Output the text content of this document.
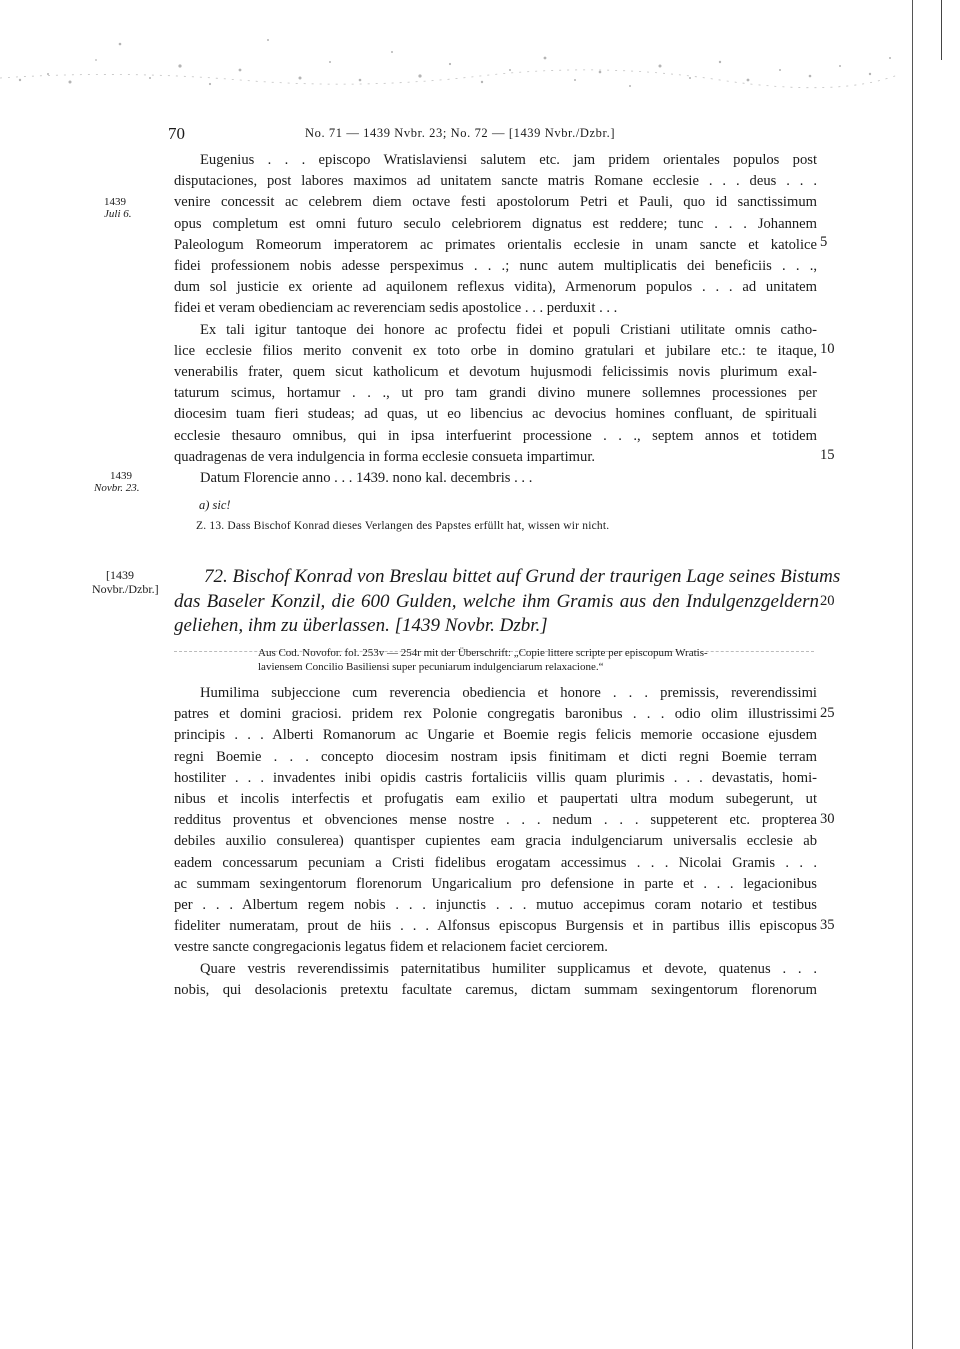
70	No. 71 — 1439 Nvbr. 23; No. 72 — [1439 Nvbr./Dzbr.]
Eugenius . . . episcopo Wratislaviensi salutem etc. jam pridem orientales populos post
disputaciones, post labores maximos ad unitatem sancte matris Romane ecclesie . . . deus . . .
venire concessit ac celebrem diem octave festi apostolorum Petri et Pauli, quo id sanctissimum
opus completum est omni futuro seculo celebriorem dignatus est reddere; tunc . . . Johannem
Paleologum Romeorum imperatorem ac primates orientalis ecclesie in unam sancte et katolice
fidei professionem nobis adesse perspeximus . . .; nunc autem multiplicatis dei beneficiis . . .,
dum sol justicie ex oriente ad aquilonem reflexus vidita), Armenorum populos . . . ad unitatem
fidei et veram obedienciam ac reverenciam sedis apostolice . . . perduxit . . .
Ex tali igitur tantoque dei honore ac profectu fidei et populi Cristiani utilitate omnis catho-
lice ecclesie filios merito convenit ex toto orbe in domino gratulari et jubilare etc.: te itaque,
venerabilis frater, quem sicut katholicum et devotum hujusmodi felicissimis novis plurimum exal-
taturum scimus, hortamur . . ., ut pro tam grandi divino munere sollemnes processiones per
diocesim tuam fieri studeas; ad quas, ut eo libencius ac devocius homines confluant, de spirituali
ecclesie thesauro omnibus, qui in ipsa interfuerint processione . . ., septem annos et totidem
quadragenas de vera indulgencia in forma ecclesie consueta impartimur.
Datum Florencie anno . . . 1439. nono kal. decembris . . .
1439
Juli 6.
1439
Novbr. 23.
5
10
15
a) sic!
Z. 13. Dass Bischof Konrad dieses Verlangen des Papstes erfüllt hat, wissen wir nicht.
[1439
Novbr./Dzbr.]
72. Bischof Konrad von Breslau bittet auf Grund der traurigen Lage seines Bistums
das Baseler Konzil, die 600 Gulden, welche ihm Gramis aus den Indulgenzgeldern
geliehen, ihm zu überlassen. [1439 Novbr. Dzbr.]
20
Aus Cod. Novofor. fol. 253v — 254r mit der Überschrift: „Copie littere scripte per episcopum Wratis-
laviensem Concilio Basiliensi super pecuniarum indulgenciarum relaxacione.“
Humilima subjeccione cum reverencia obediencia et honore . . . premissis, reverendissimi
patres et domini graciosi. pridem rex Polonie congregatis baronibus . . . odio olim illustrissimi
principis . . . Alberti Romanorum ac Ungarie et Boemie regis felicis memorie occasione ejusdem
regni Boemie . . . concepto diocesim nostram ipsis finitimam et dicti regni Boemie terram
hostiliter . . . invadentes inibi opidis castris fortaliciis villis quam plurimis . . . devastatis, homi-
nibus et incolis interfectis et profugatis eam exilio et paupertati ultra modum subegerunt, ut
redditus proventus et obvenciones mense nostre . . . nedum . . . suppeterent etc. propterea
debiles auxilio consulerea) quantisper cupientes eam gracia indulgenciarum universalis ecclesie ab
eadem concessarum pecuniam a Cristi fidelibus erogatam accessimus . . . Nicolai Gramis . . .
ac summam sexingentorum florenorum Ungaricalium pro defensione in parte et . . . legacionibus
per . . . Albertum regem nobis . . . injunctis . . . mutuo accepimus coram notario et testibus
fideliter numeratam, prout de hiis . . . Alfonsus episcopus Burgensis et in partibus illis episcopus
vestre sancte congregacionis legatus fidem et relacionem faciet cerciorem.
Quare vestris reverendissimis paternitatibus humiliter supplicamus et devote, quatenus . . .
nobis, qui desolacionis pretextu facultate caremus, dictam summam sexingentorum florenorum
25
30
35
